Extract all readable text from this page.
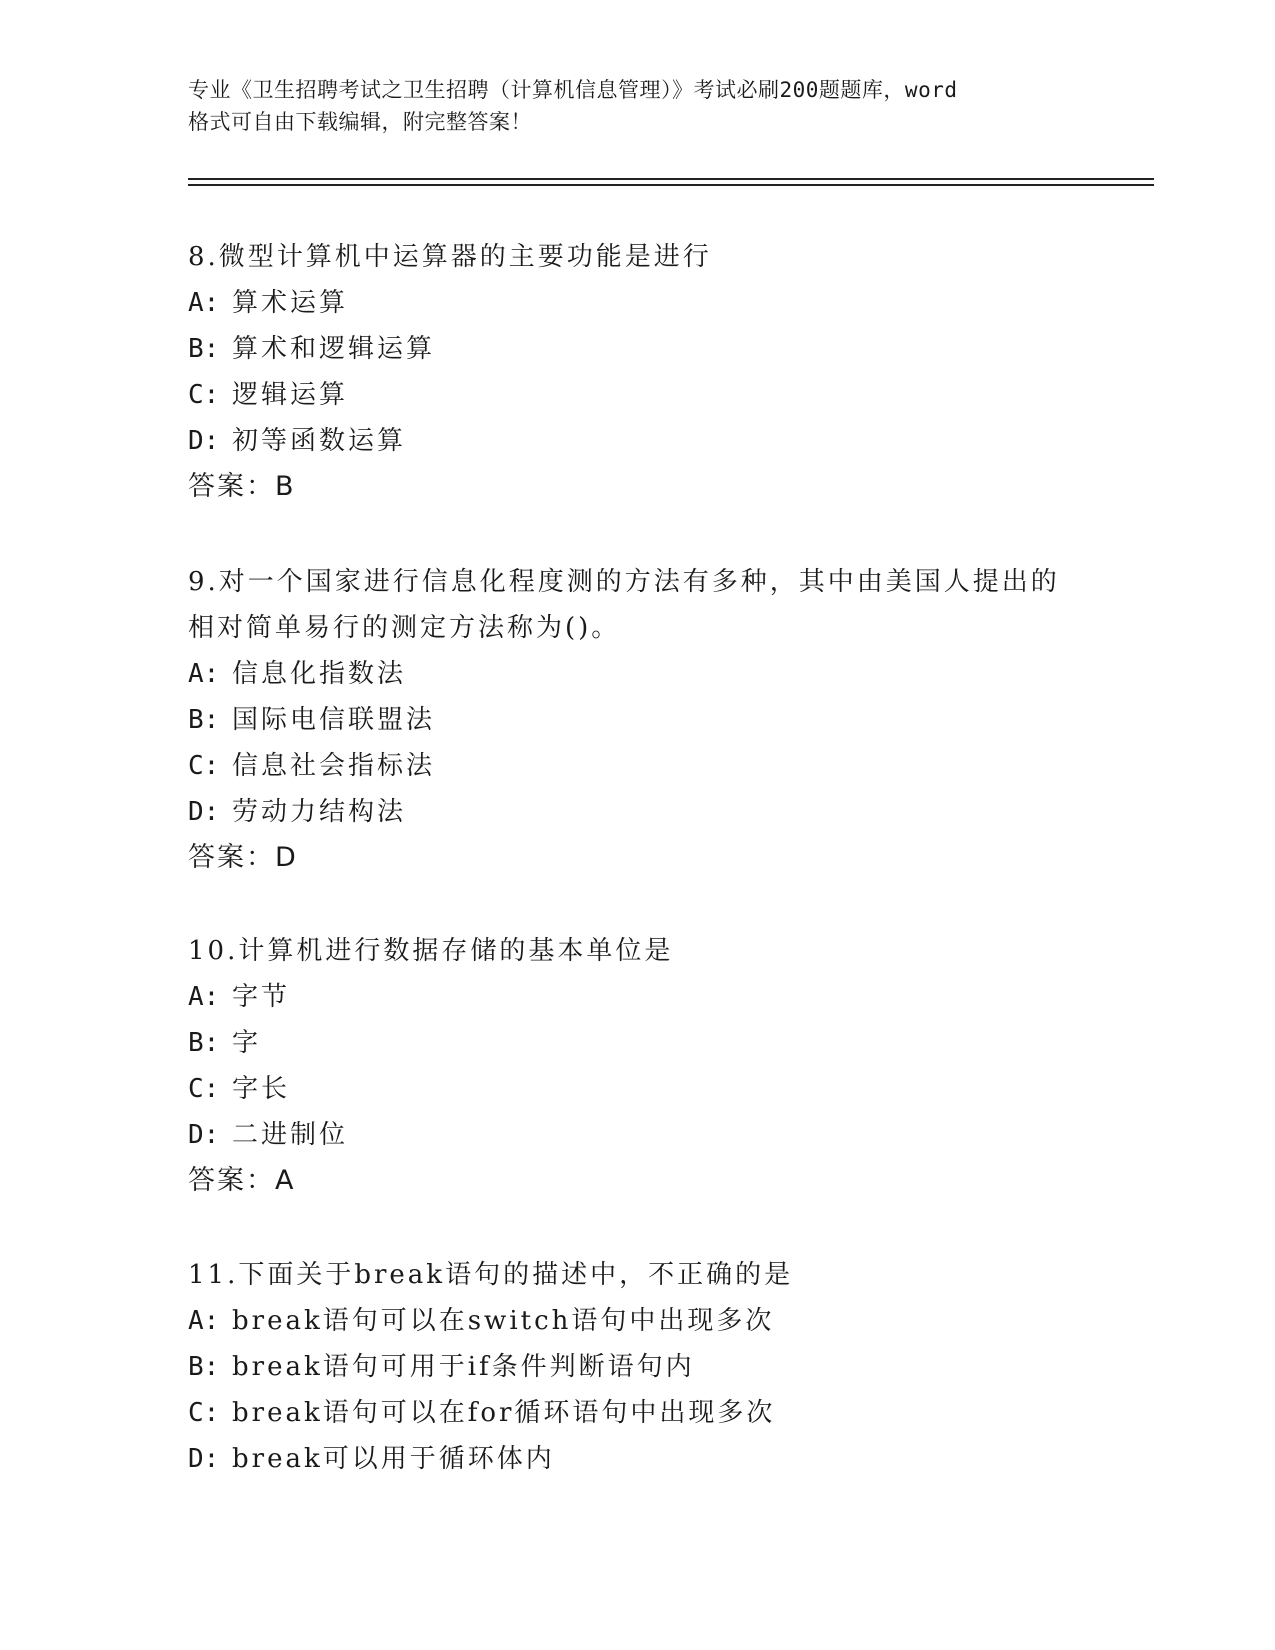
专业《卫生招聘考试之卫生招聘（计算机信息管理）》考试必刷200题题库，word
格式可自由下载编辑，附完整答案！

8.微型计算机中运算器的主要功能是进行

A: 算术运算

B: 算术和逻辑运算

C: 逻辑运算

D: 初等函数运算

答案：B

9.对一个国家进行信息化程度测的方法有多种，其中由美国人提出的

相对简单易行的测定方法称为()。

A: 信息化指数法

B: 国际电信联盟法

C: 信息社会指标法

D: 劳动力结构法

答案：D

10.计算机进行数据存储的基本单位是

A: 字节

B: 字

C: 字长

D: 二进制位

答案：A

11.下面关于break语句的描述中，不正确的是

A: break语句可以在switch语句中出现多次

B: break语句可用于if条件判断语句内

C: break语句可以在for循环语句中出现多次

D: break可以用于循环体内
